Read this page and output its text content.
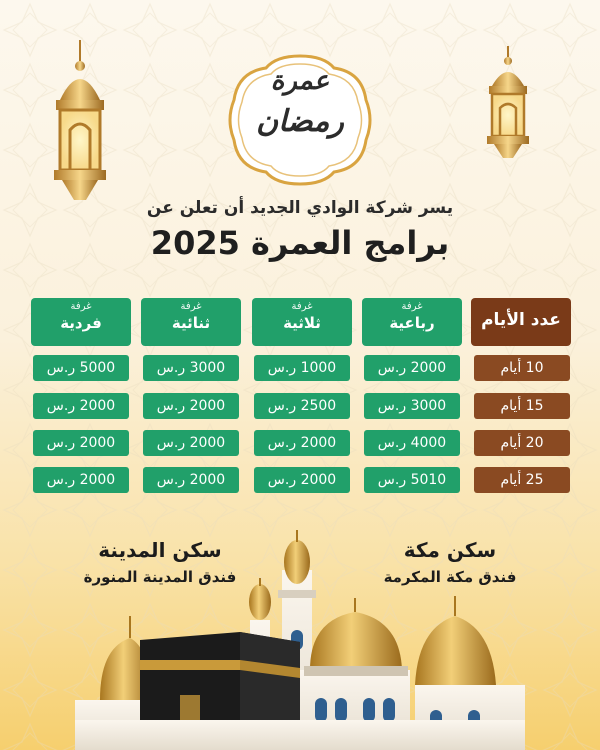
عمرة
رمضان
يسر شركة الوادي الجديد أن تعلن عن
برامج العمرة 2025
عدد الأيام
غرفة
رباعية
غرفة
ثلاثية
غرفة
ثنائية
غرفة
فردية
10 أيام
2000 ر.س
1000 ر.س
3000 ر.س
5000 ر.س
15 أيام
3000 ر.س
2500 ر.س
2000 ر.س
2000 ر.س
20 أيام
4000 ر.س
2000 ر.س
2000 ر.س
2000 ر.س
25 أيام
5010 ر.س
2000 ر.س
2000 ر.س
2000 ر.س
سكن مكة
فندق مكة المكرمة
سكن المدينة
فندق المدينة المنورة
